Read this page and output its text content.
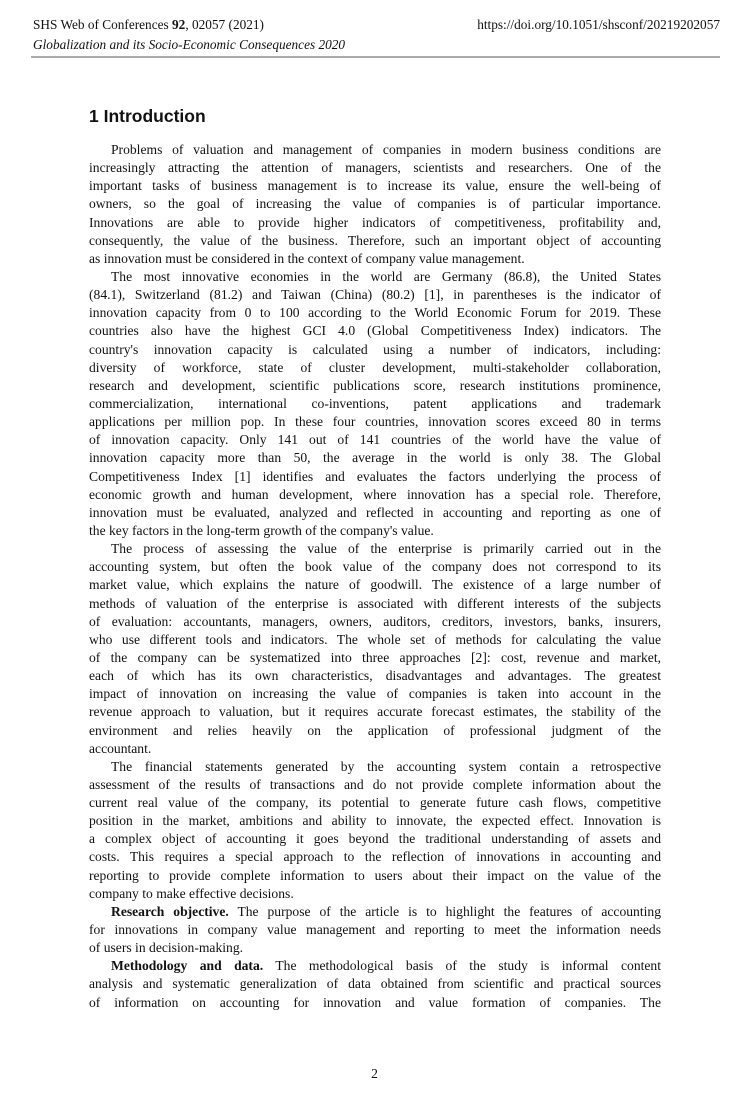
SHS Web of Conferences 92, 02057 (2021)	https://doi.org/10.1051/shsconf/20219202057
Globalization and its Socio-Economic Consequences 2020
1 Introduction
Problems of valuation and management of companies in modern business conditions are
increasingly attracting the attention of managers, scientists and researchers. One of the
important tasks of business management is to increase its value, ensure the well-being of
owners, so the goal of increasing the value of companies is of particular importance.
Innovations are able to provide higher indicators of competitiveness, profitability and,
consequently, the value of the business. Therefore, such an important object of accounting
as innovation must be considered in the context of company value management.
The most innovative economies in the world are Germany (86.8), the United States
(84.1), Switzerland (81.2) and Taiwan (China) (80.2) [1], in parentheses is the indicator of
innovation capacity from 0 to 100 according to the World Economic Forum for 2019. These
countries also have the highest GCI 4.0 (Global Competitiveness Index) indicators. The
country's innovation capacity is calculated using a number of indicators, including:
diversity of workforce, state of cluster development, multi-stakeholder collaboration,
research and development, scientific publications score, research institutions prominence,
commercialization, international co-inventions, patent applications and trademark
applications per million pop. In these four countries, innovation scores exceed 80 in terms
of innovation capacity. Only 141 out of 141 countries of the world have the value of
innovation capacity more than 50, the average in the world is only 38. The Global
Competitiveness Index [1] identifies and evaluates the factors underlying the process of
economic growth and human development, where innovation has a special role. Therefore,
innovation must be evaluated, analyzed and reflected in accounting and reporting as one of
the key factors in the long-term growth of the company's value.
The process of assessing the value of the enterprise is primarily carried out in the
accounting system, but often the book value of the company does not correspond to its
market value, which explains the nature of goodwill. The existence of a large number of
methods of valuation of the enterprise is associated with different interests of the subjects
of evaluation: accountants, managers, owners, auditors, creditors, investors, banks, insurers,
who use different tools and indicators. The whole set of methods for calculating the value
of the company can be systematized into three approaches [2]: cost, revenue and market,
each of which has its own characteristics, disadvantages and advantages. The greatest
impact of innovation on increasing the value of companies is taken into account in the
revenue approach to valuation, but it requires accurate forecast estimates, the stability of the
environment and relies heavily on the application of professional judgment of the
accountant.
The financial statements generated by the accounting system contain a retrospective
assessment of the results of transactions and do not provide complete information about the
current real value of the company, its potential to generate future cash flows, competitive
position in the market, ambitions and ability to innovate, the expected effect. Innovation is
a complex object of accounting it goes beyond the traditional understanding of assets and
costs. This requires a special approach to the reflection of innovations in accounting and
reporting to provide complete information to users about their impact on the value of the
company to make effective decisions.
Research objective. The purpose of the article is to highlight the features of accounting
for innovations in company value management and reporting to meet the information needs
of users in decision-making.
Methodology and data. The methodological basis of the study is informal content
analysis and systematic generalization of data obtained from scientific and practical sources
of information on accounting for innovation and value formation of companies. The
2
